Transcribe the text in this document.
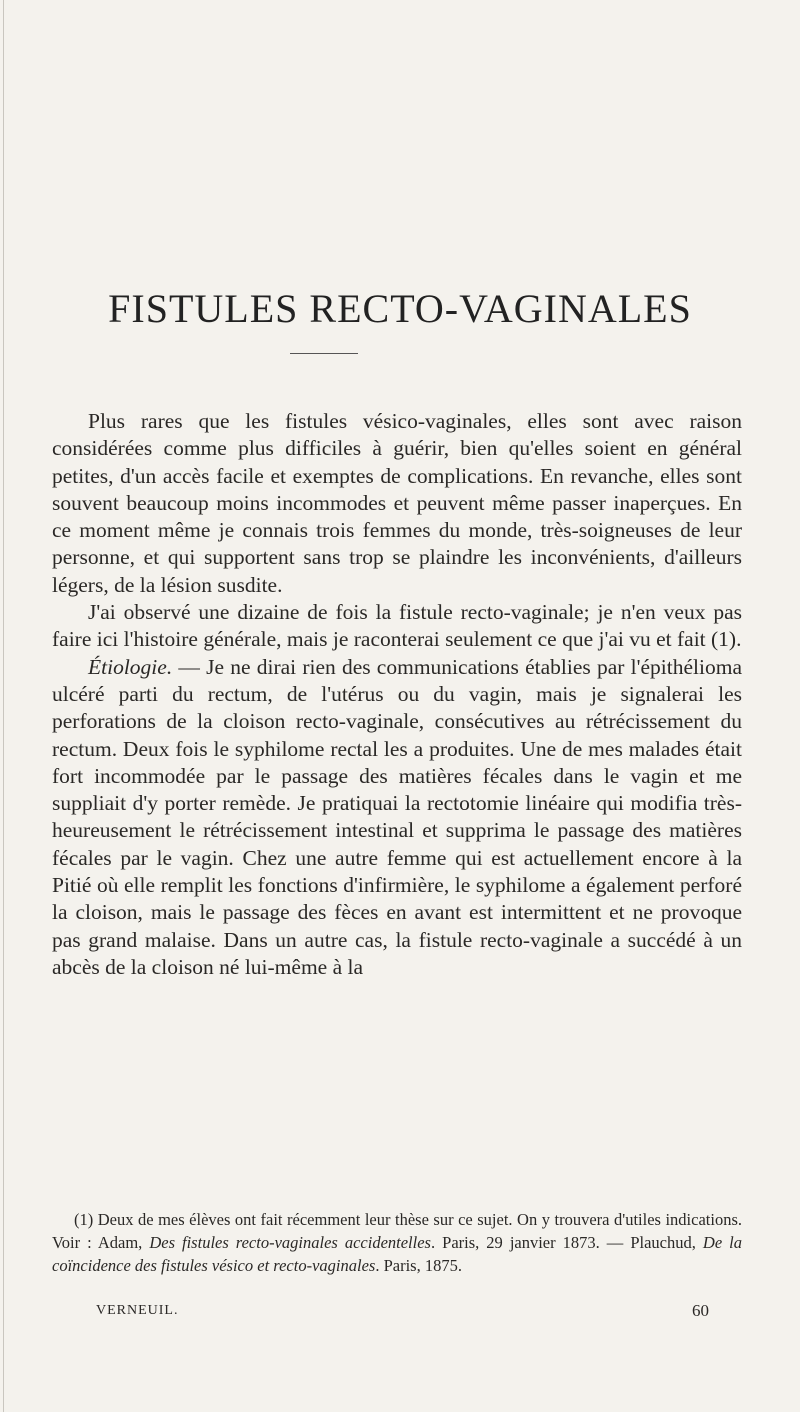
FISTULES RECTO-VAGINALES

Plus rares que les fistules vésico-vaginales, elles sont avec raison considérées comme plus difficiles à guérir, bien qu'elles soient en général petites, d'un accès facile et exemptes de complications. En revanche, elles sont souvent beaucoup moins incommodes et peuvent même passer inaperçues. En ce moment même je connais trois femmes du monde, très-soigneuses de leur personne, et qui supportent sans trop se plaindre les inconvénients, d'ailleurs légers, de la lésion susdite.

J'ai observé une dizaine de fois la fistule recto-vaginale; je n'en veux pas faire ici l'histoire générale, mais je raconterai seulement ce que j'ai vu et fait (1).

Étiologie. — Je ne dirai rien des communications établies par l'épithélioma ulcéré parti du rectum, de l'utérus ou du vagin, mais je signalerai les perforations de la cloison recto-vaginale, consécutives au rétrécissement du rectum. Deux fois le syphilome rectal les a produites. Une de mes malades était fort incommodée par le passage des matières fécales dans le vagin et me suppliait d'y porter remède. Je pratiquai la rectotomie linéaire qui modifia très-heureusement le rétrécissement intestinal et supprima le passage des matières fécales par le vagin. Chez une autre femme qui est actuellement encore à la Pitié où elle remplit les fonctions d'infirmière, le syphilome a également perforé la cloison, mais le passage des fèces en avant est intermittent et ne provoque pas grand malaise. Dans un autre cas, la fistule recto-vaginale a succédé à un abcès de la cloison né lui-même à la

(1) Deux de mes élèves ont fait récemment leur thèse sur ce sujet. On y trouvera d'utiles indications. Voir : Adam, Des fistules recto-vaginales accidentelles. Paris, 29 janvier 1873. — Plauchud, De la coïncidence des fistules vésico et recto-vaginales. Paris, 1875.

VERNEUIL.	60
